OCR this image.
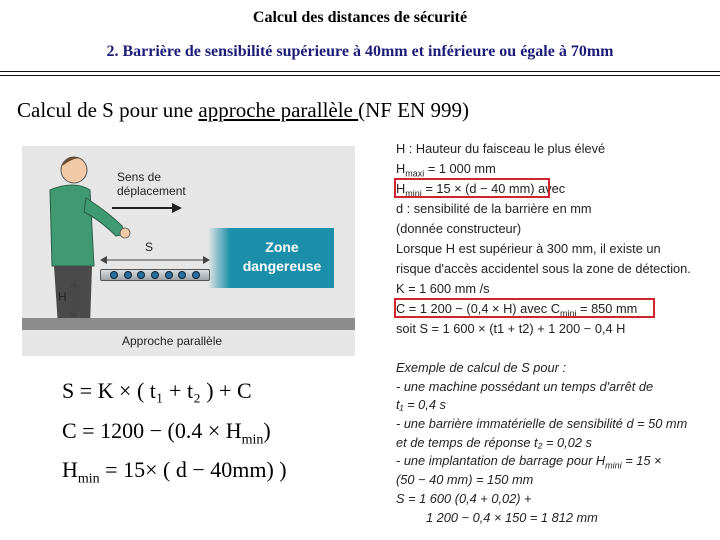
Calcul des distances de sécurité
2. Barrière de sensibilité supérieure à 40mm et inférieure ou égale à 70mm
Calcul de S pour une approche parallèle (NF EN 999)
Sens de
déplacement
S	Zone
dangereuse
H
Approche parallèle
S = K × ( t₁ + t₂ ) + C
$C = 1200 - (0.4 \times H_{min})$
$H_{min} = 15\times$ ( d − 40mm) )
H : Hauteur du faisceau le plus élevé
$H_{maxi} = 1$ 000 mm
$H_{mini} = 15 \times (d - 40$ mm) avec
d : sensibilité de la barrière en mm
(donnée constructeur)
Lorsque H est supérieur à 300 mm, il existe un
risque d'accès accidentel sous la zone de détection.
K = 1 600 mm /s
C = 1 200 − (0,4 × H) avec $C_{mini} = 850$ mm
soit S = 1 600 × (t1 + t2) + 1 200 − 0,4 H
Exemple de calcul de S pour :
- une machine possédant un temps d'arrêt de
t₁ = 0,4 s
- une barrière immatérielle de sensibilité d = 50 mm
et de temps de réponse t₂ = 0,02 s
- une implantation de barrage pour $H_{mini} = 15$ ×
(50 − 40 mm) = 150 mm
S = 1 600 (0,4 + 0,02) +
1 200 − 0,4 × 150 = 1 812 mm
